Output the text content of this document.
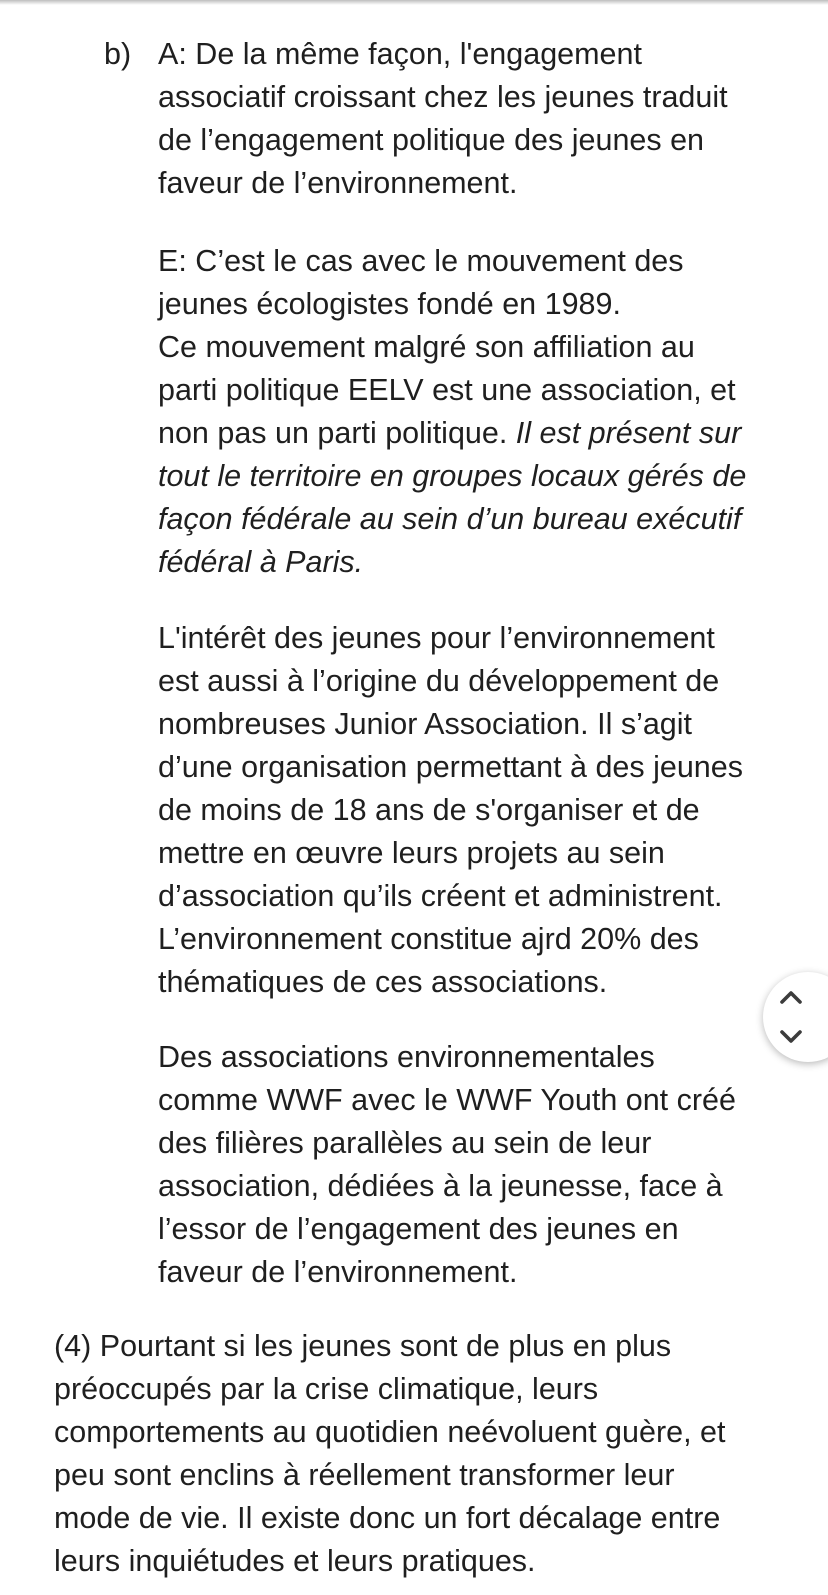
b) A: De la même façon, l'engagement
associatif croissant chez les jeunes traduit
de l’engagement politique des jeunes en
faveur de l’environnement.

E: C’est le cas avec le mouvement des
jeunes écologistes fondé en 1989.
Ce mouvement malgré son affiliation au
parti politique EELV est une association, et
non pas un parti politique. Il est présent sur
tout le territoire en groupes locaux gérés de
façon fédérale au sein d’un bureau exécutif
fédéral à Paris.

L'intérêt des jeunes pour l’environnement
est aussi à l’origine du développement de
nombreuses Junior Association. Il s’agit
d’une organisation permettant à des jeunes
de moins de 18 ans de s'organiser et de
mettre en œuvre leurs projets au sein
d’association qu’ils créent et administrent.
L’environnement constitue ajrd 20% des
thématiques de ces associations.

Des associations environnementales
comme WWF avec le WWF Youth ont créé
des filières parallèles au sein de leur
association, dédiées à la jeunesse, face à
l’essor de l’engagement des jeunes en
faveur de l’environnement.

(4) Pourtant si les jeunes sont de plus en plus
préoccupés par la crise climatique, leurs
comportements au quotidien neévoluent guère, et
peu sont enclins à réellement transformer leur
mode de vie. Il existe donc un fort décalage entre
leurs inquiétudes et leurs pratiques.
